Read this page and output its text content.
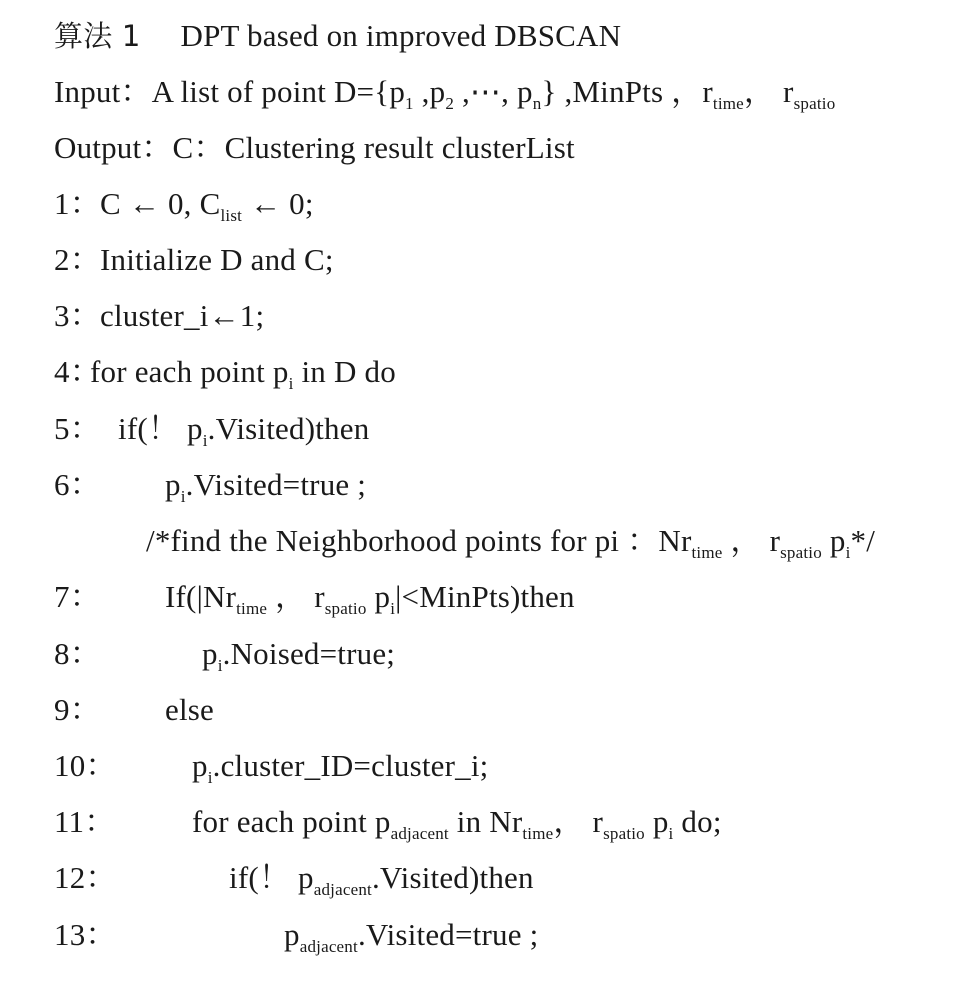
算法 1 DPT based on improved DBSCAN
Input：A list of point $D=\{p_1$ $,p_2$ ,⋯, $p_n$} ,MinPts ，$r_{time}$， $r_{spatio}$
Output：C：Clustering result clusterList
1：C ← 0, $C_{list}$ ← 0;
2：Initialize D and C;
3：cluster_i←1;
4：for each point $p_i$ in D do
5： if(！ $p_i.Visited)then$
6： $p_i.Visited=true$ ;
/*find the Neighborhood points for pi ：$Nr_{time}$ ， $r_{spatio}$ $p_i*/$
7： $If(|Nr_{time}$ ， $r_{spatio}$ $p_i|<MinPts)then$
8：	$p_i.Noised=true$;
9： else
10： $p_i.cluster\_ID=cluster\_i$;
11： for each point $p_{adjacent}$ in $Nr_{time}$， $r_{spatio}$ $p_i$ do;
12：	if(！ $p_{adjacent}.Visited)then$
13：	$p_{adjacent}.Visited=true$ ;
